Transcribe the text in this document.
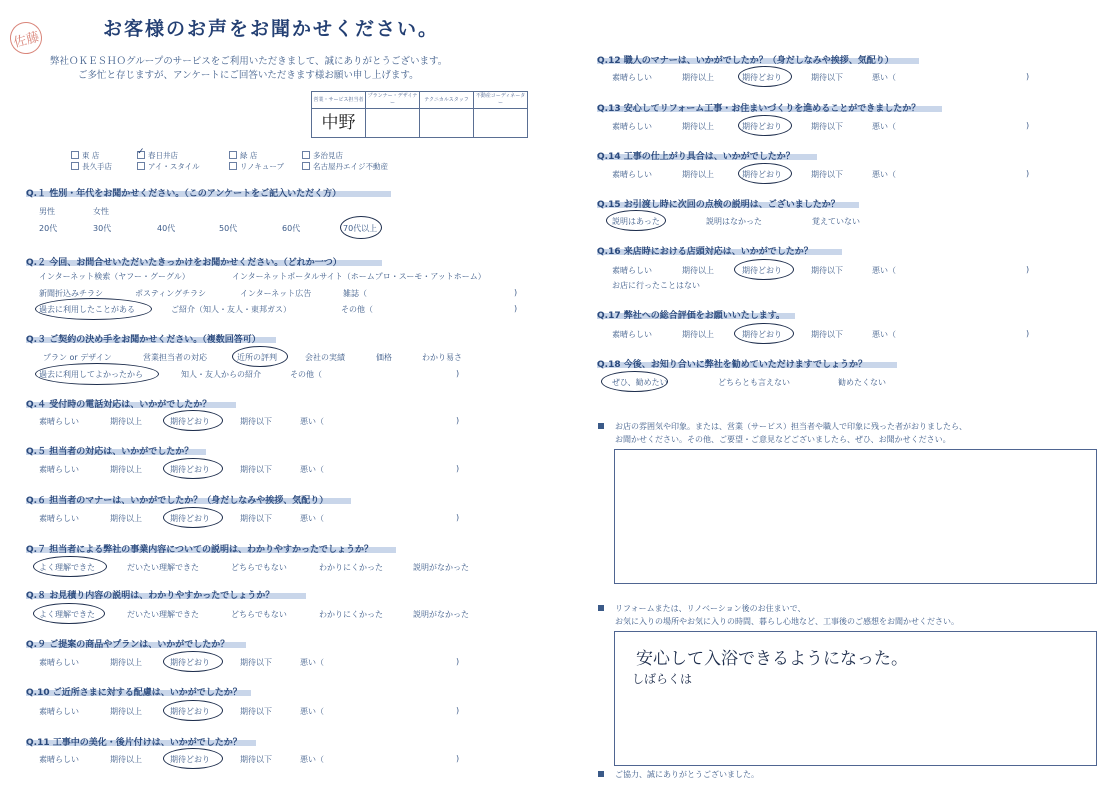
佐藤	お客様のお声をお聞かせください。
弊社ＯＫＥＳＨＯグループのサービスをご利用いただきまして、誠にありがとうございます。
ご多忙と存じますが、アンケートにご回答いただきます様お願い申し上げます。
営業・サービス担当者	プランナー・デザイナー	テクニカルスタッフ	不動産コーディネーター
中野			
東 店 ✓	春日井店	緑 店	多治見店
長久手店	アイ・スタイル	リノキューブ	名古屋丹エイジ不動産
Q.１ 性別・年代をお聞かせください。（このアンケートをご記入いただく方）
男性	女性
20代	30代	40代	50代	60代	70代以上
Q.２ 今回、お問合せいただいたきっかけをお聞かせください。（どれか一つ）
インターネット検索（ヤフー・グーグル）	インターネットポータルサイト（ホームプロ・スーモ・アットホーム）
新聞折込みチラシ	ポスティングチラシ	インターネット広告	雑誌（	)
過去に利用したことがある	ご紹介（知人・友人・東邦ガス）	その他（	)
Q.３ ご契約の決め手をお聞かせください。（複数回答可）
プラン or デザイン	営業担当者の対応	近所の評判	会社の実績	価格	わかり易さ
過去に利用してよかったから	知人・友人からの紹介	その他（	)
Q.４ 受付時の電話対応は、いかがでしたか？
素晴らしい	期待以上	期待どおり	期待以下	悪い（	)
Q.５ 担当者の対応は、いかがでしたか？
素晴らしい	期待以上	期待どおり	期待以下	悪い（	)
Q.６ 担当者のマナーは、いかがでしたか？（身だしなみや挨拶、気配り）
素晴らしい	期待以上	期待どおり	期待以下	悪い（	)
Q.７ 担当者による弊社の事業内容についての説明は、わかりやすかったでしょうか？
よく理解できた	だいたい理解できた	どちらでもない	わかりにくかった	説明がなかった
Q.８ お見積り内容の説明は、わかりやすかったでしょうか？
よく理解できた	だいたい理解できた	どちらでもない	わかりにくかった	説明がなかった
Q.９ ご提案の商品やプランは、いかがでしたか？
素晴らしい	期待以上	期待どおり	期待以下	悪い（	)
Q.10 ご近所さまに対する配慮は、いかがでしたか？
素晴らしい	期待以上	期待どおり	期待以下	悪い（	)
Q.11 工事中の美化・後片付けは、いかがでしたか？
素晴らしい	期待以上	期待どおり	期待以下	悪い（	)
Q.12 職人のマナーは、いかがでしたか？（身だしなみや挨拶、気配り）
素晴らしい	期待以上	期待どおり	期待以下	悪い（	)
Q.13 安心してリフォーム工事・お住まいづくりを進めることができましたか？
素晴らしい	期待以上	期待どおり	期待以下	悪い（	)
Q.14 工事の仕上がり具合は、いかがでしたか？
素晴らしい	期待以上	期待どおり	期待以下	悪い（	)
Q.15 お引渡し時に次回の点検の説明は、ございましたか？
説明はあった	説明はなかった	覚えていない
Q.16 来店時における店頭対応は、いかがでしたか？
素晴らしい	期待以上	期待どおり	期待以下	悪い（	)
お店に行ったことはない
Q.17 弊社への総合評価をお願いいたします。
素晴らしい	期待以上	期待どおり	期待以下	悪い（	)
Q.18 今後、お知り合いに弊社を勧めていただけますでしょうか？
ぜひ、勧めたい	どちらとも言えない	勧めたくない
お店の雰囲気や印象。または、営業（サービス）担当者や職人で印象に残った者がおりましたら、
お聞かせください。その他、ご要望・ご意見などございましたら、ぜひ、お聞かせください。
リフォームまたは、リノベーション後のお住まいで、
お気に入りの場所やお気に入りの時間、暮らし心地など、工事後のご感想をお聞かせください。
安心して入浴できるようになった。
しばらくは
ご協力、誠にありがとうございました。
